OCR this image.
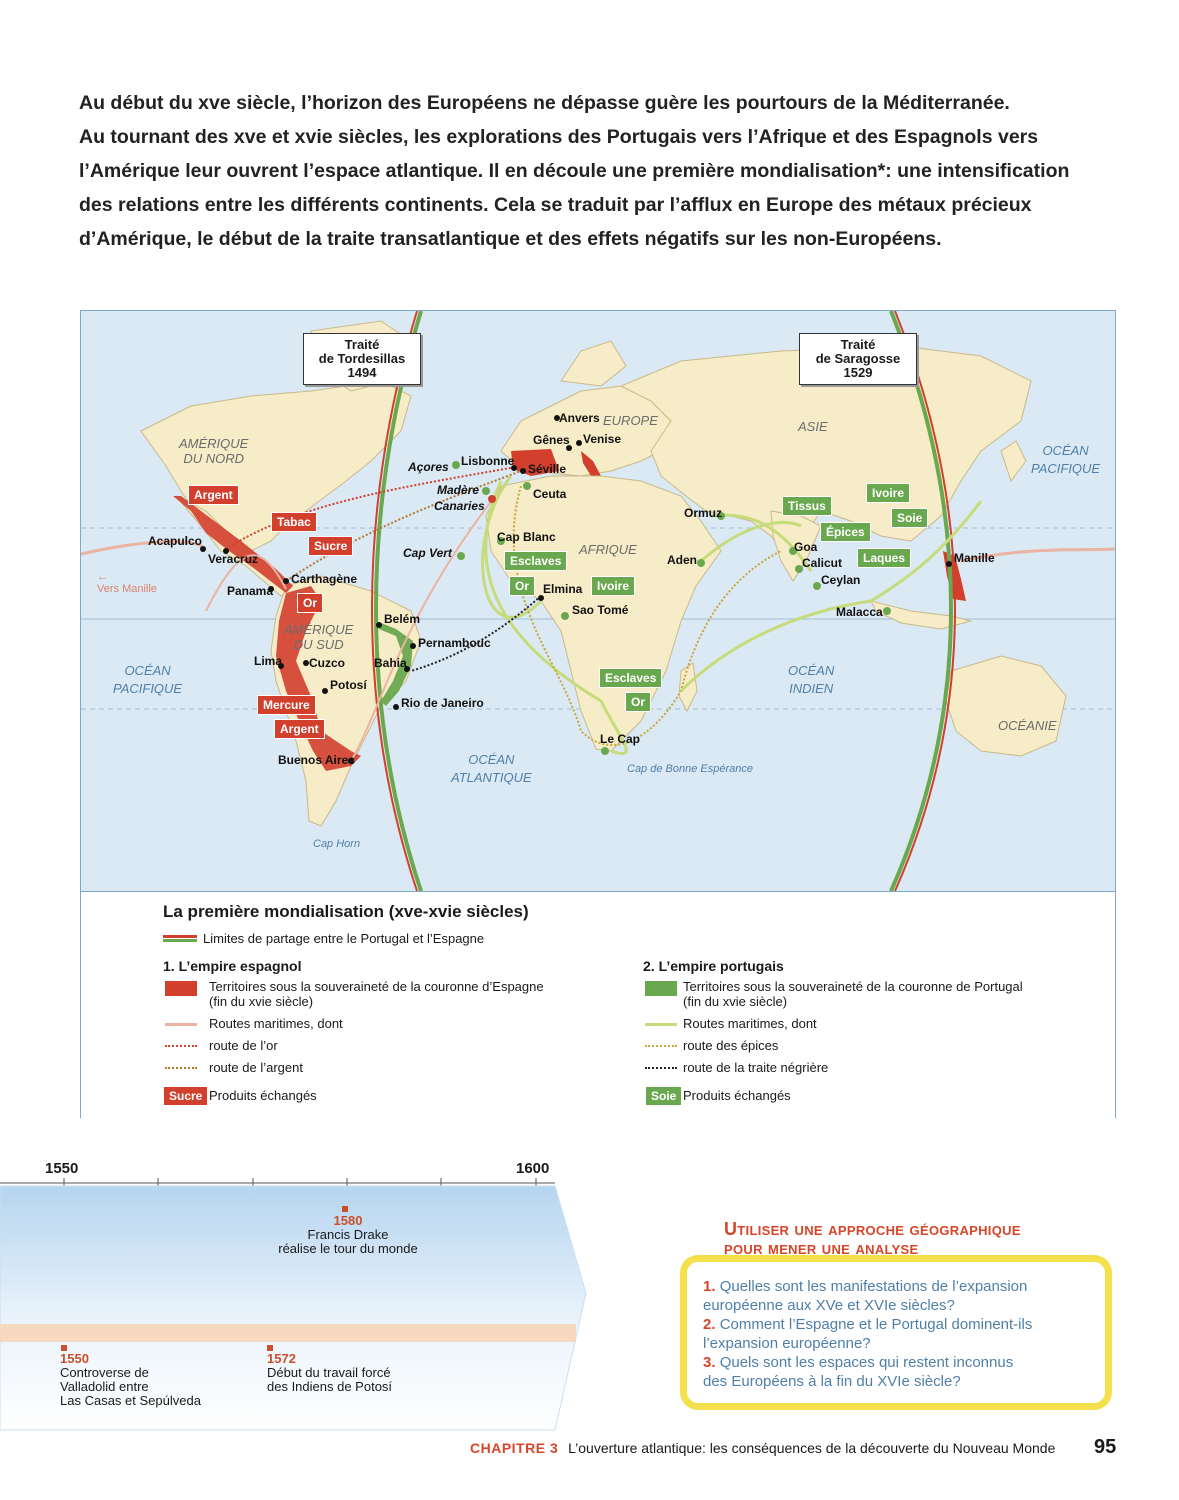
Au début du xve siècle, l’horizon des Européens ne dépasse guère les pourtours de la Méditerranée.

Au tournant des xve et xvie siècles, les explorations des Portugais vers l’Afrique et des Espagnols vers

l’Amérique leur ouvrent l’espace atlantique. Il en découle une première mondialisation*: une intensification

des relations entre les différents continents. Cela se traduit par l’afflux en Europe des métaux précieux

d’Amérique, le début de la traite transatlantique et des effets négatifs sur les non-Européens.

Traité
de Tordesillas
1494
Traité
de Saragosse
1529
AMÉRIQUE
DU NORD
AMÉRIQUE
DU SUD
EUROPE	ASIE
AFRIQUE
OCÉANIE
OCÉAN
PACIFIQUE
OCÉAN
PACIFIQUE
OCÉAN
ATLANTIQUE
OCÉAN
INDIEN
Anvers
Gênes Venise
Lisbonne
Séville
Açores
Madère
Canaries
Ceuta
Cap Blanc
Cap Vert
Elmina
Sao Tomé
Le Cap
Cap de Bonne Espérance
Ormuz
Aden
Goa
Calicut
Ceylan
Malacca
Manille
Acapulco
Veracruz
Panama
Carthagène
Lima Cuzco
Potosí
Buenos Aires
Belém
Pernambouc
Bahia
Rio de Janeiro
Cap Horn
←
Vers Manille
Argent
Tabac
Sucre
Or
Mercure
Argent
Tissus
Épices
Ivoire
Soie
Laques
Esclaves
Or	Ivoire
Esclaves
Or
La première mondialisation (xve-xvie siècles)
Limites de partage entre le Portugal et l’Espagne
1. L’empire espagnol
Territoires sous la souveraineté de la couronne d’Espagne
(fin du xvie siècle)
Routes maritimes, dont
route de l’or
route de l’argent
Sucre Produits échangés
2. L’empire portugais
Territoires sous la souveraineté de la couronne de Portugal
(fin du xvie siècle)
Routes maritimes, dont
route des épices
route de la traite négrière
Soie Produits échangés
1550	1600
1580
Francis Drake
réalise le tour du monde
1550
Controverse de
Valladolid entre
Las Casas et Sepúlveda
1572
Début du travail forcé
des Indiens de Potosí
Utiliser une approche géographique
pour mener une analyse
1. Quelles sont les manifestations de l’expansion
européenne aux XVe et XVIe siècles?
2. Comment l’Espagne et le Portugal dominent-ils
l’expansion européenne?
3. Quels sont les espaces qui restent inconnus
des Européens à la fin du XVIe siècle?
CHAPITRE 3 L’ouverture atlantique: les conséquences de la découverte du Nouveau Monde 95
